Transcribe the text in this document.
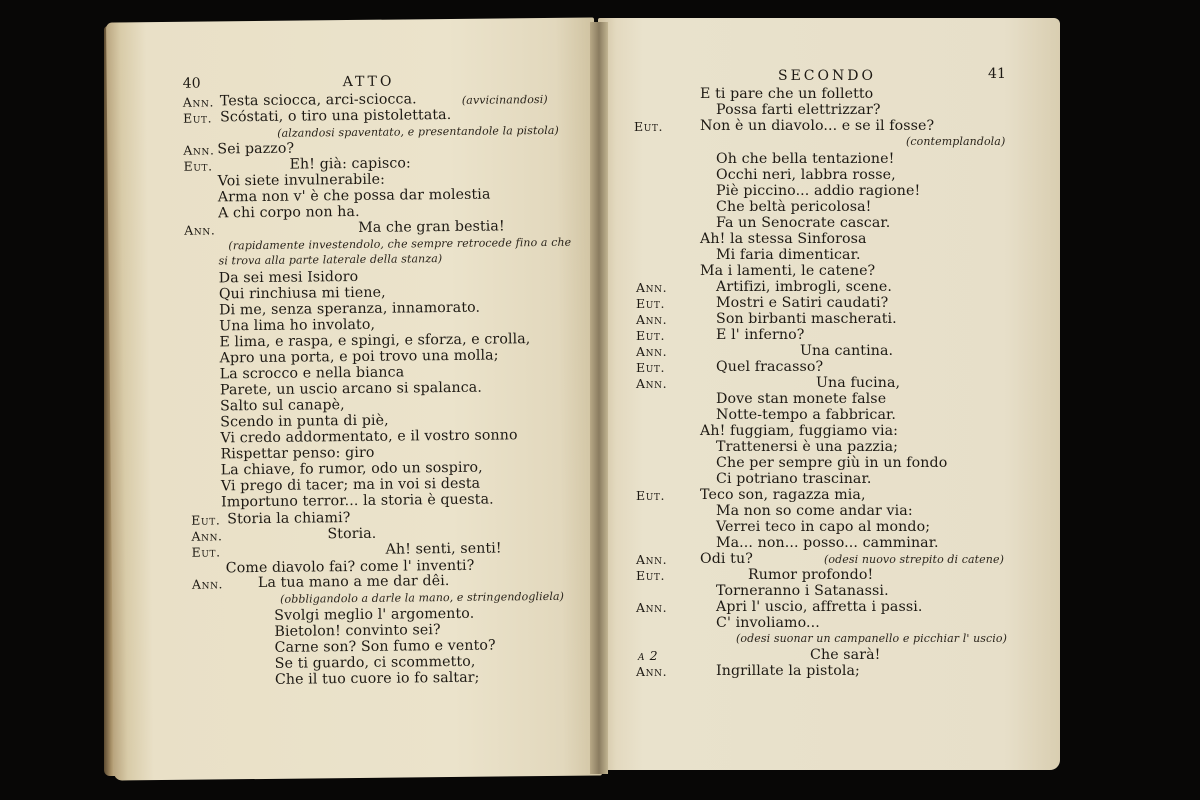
40	ATTO
Ann. Testa sciocca, arci-sciocca.	(avvicinandosi)
Eut. Scóstati, o tiro una pistolettata.
(alzandosi spaventato, e presentandole la pistola)
Ann. Sei pazzo?
Eut.	Eh! già: capisco:
Voi siete invulnerabile:
Arma non v' è che possa dar molestia
A chi corpo non ha.
Ann.	Ma che gran bestia!
(rapidamente investendolo, che sempre retrocede fino a che
si trova alla parte laterale della stanza)
Da sei mesi Isidoro
Qui rinchiusa mi tiene,
Di me, senza speranza, innamorato.
Una lima ho involato,
E lima, e raspa, e spingi, e sforza, e crolla,
Apro una porta, e poi trovo una molla;
La scrocco e nella bianca
Parete, un uscio arcano si spalanca.
Salto sul canapè,
Scendo in punta di piè,
Vi credo addormentato, e il vostro sonno
Rispettar penso: giro
La chiave, fo rumor, odo un sospiro,
Vi prego di tacer; ma in voi si desta
Importuno terror... la storia è questa.
Eut. Storia la chiami?
Ann.	Storia.
Eut.	Ah! senti, senti!
Come diavolo fai? come l' inventi?
Ann. La tua mano a me dar dêi.
(obbligandolo a darle la mano, e stringendogliela)
Svolgi meglio l' argomento.
Bietolon! convinto sei?
Carne son? Son fumo e vento?
Se ti guardo, ci scommetto,
Che il tuo cuore io fo saltar;
SECONDO	41
E ti pare che un folletto
Possa farti elettrizzar?
Eut.	Non è un diavolo... e se il fosse?
(contemplandola)
Oh che bella tentazione!
Occhi neri, labbra rosse,
Piè piccino... addio ragione!
Che beltà pericolosa!
Fa un Senocrate cascar.
Ah! la stessa Sinforosa
Mi faria dimenticar.
Ma i lamenti, le catene?
Ann.	Artifizi, imbrogli, scene.
Eut.	Mostri e Satiri caudati?
Ann.	Son birbanti mascherati.
Eut.	E l' inferno?
Ann.	Una cantina.
Eut.	Quel fracasso?
Ann.	Una fucina,
Dove stan monete false
Notte-tempo a fabbricar.
Ah! fuggiam, fuggiamo via:
Trattenersi è una pazzia;
Che per sempre giù in un fondo
Ci potriano trascinar.
Eut. Teco son, ragazza mia,
Ma non so come andar via:
Verrei teco in capo al mondo;
Ma... non... posso... camminar.
Ann. Odi tu?	(odesi nuovo strepito di catene)
Eut.	Rumor profondo!
Torneranno i Satanassi.
Ann.	Apri l' uscio, affretta i passi.
C' involiamo...
(odesi suonar un campanello e picchiar l' uscio)
a 2	Che sarà!
Ann.	Ingrillate la pistola;
